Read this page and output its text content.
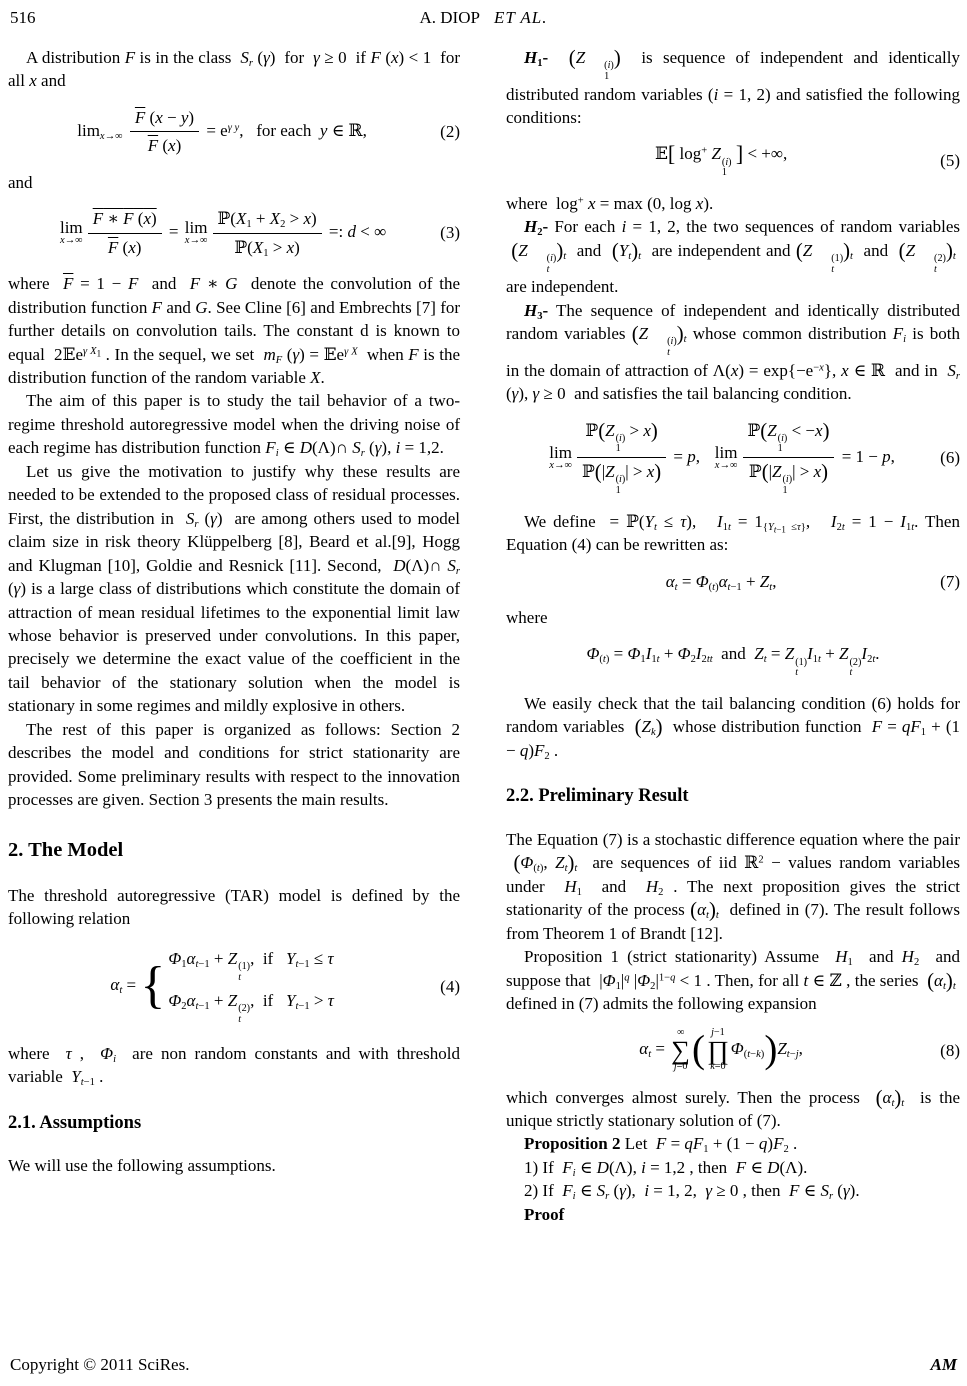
516	A. DIOP ET AL.

A distribution F is in the class  $S_r$ (γ)  for  γ ≥ 0  if F (x) < 1  for all x and

$\lim_{x\to\infty} \frac{\overline{F} (x - y)}{\overline{F} (x)} = e^{\gamma y}$,   for each  y ∈ ℝ,	(2)

and

lim
$x\to\infty \frac{F ∗ F (x)}{\overline{F} (x)} = \lim$
$x\to\infty \frac{ℙ(X_1 + X_2 > x)}{ℙ(X_1 > x)}$ =: d < ∞	(3)

where  $\overline{F} = 1 - F$  and  F ∗ G  denote the convolution of the distribution function F and G. See Cline [6] and Embrechts [7] for further details on convolution tails. The constant d is known to equal  2𝔼e$^{\gamma X_1}$ . In the sequel, we set  $m_F$ (γ) = 𝔼e$^{\gamma X}$  when F is the distribution function of the random variable X.

The aim of this paper is to study the tail behavior of a two-regime threshold autoregressive model when the driving noise of each regime has distribution function $F_i$ ∈ D(Λ)∩ $S_r$ (γ), i = 1,2.

Let us give the motivation to justify why these results are needed to be extended to the proposed class of residual processes. First, the distribution in  $S_r$ (γ)  are among others used to model claim size in risk theory Klüppelberg [8], Beard et al.[9], Hogg and Klugman [10], Goldie and Resnick [11]. Second,  D(Λ)∩ $S_r$ (γ) is a large class of distributions which constitute the domain of attraction of mean residual lifetimes to the exponential limit law whose behavior is preserved under convolutions. In this paper, precisely we determine the exact value of the coefficient in the tail behavior of the stationary solution when the model is stationary in some regimes and mildly explosive in others.

The rest of this paper is organized as follows: Section 2 describes the model and conditions for strict stationarity are provided. Some preliminary results with respect to the innovation processes are given. Section 3 presents the main results.

2. The Model

The threshold autoregressive (TAR) model is defined by the following relation

$\alpha_t$ = { $\Phi_1\alpha_{t-1} + Z$ (1)
t
,  if   $Y_{t-1} \le \tau$
$\Phi_2\alpha_{t-1} + Z$ (2)
t
,  if   $Y_{t-1} > \tau$
(4)

where  τ ,  $\Phi_i$  are non random constants and with threshold variable  $Y_{t-1}$ .

2.1. Assumptions

We will use the following assumptions.

$H_1-$ (Z	(i)
1
)  is sequence of independent and identically distributed random variables (i = 1, 2) and satisfied the following conditions:

𝔼[ log+ Z (i)
1
] < +∞,	(5)

where  log+ x = max (0, log x).

$H_2-$ For each i = 1, 2, the two sequences of random variables  (Z	(i)
t
)$_t$  and  $(Y_t)_t$  are independent and (Z	(1)
t
)$_t$  and  (Z	(2)
t
)$_t$  are independent.

$H_3-$ The sequence of independent and identically distributed random variables (Z	(i)
t
)$_t$ whose common distribution $F_i$ is both in the domain of attraction of $\Lambda(x) = \exp\{-e^{-x}\}$, x ∈ ℝ  and in  $S_r$ (γ), γ ≥ 0  and satisfies the tail balancing condition.

lim
x→∞ ℙ(Z (i)
1
> x)
ℙ(|Z (i)
1
| > x) = p, lim
x→∞ ℙ(Z (i)
1
< −x)
ℙ(|Z (i)
1
| > x) = 1 − p,	(6)

We define  = $ℙ(Y_t \le \tau)$,   $I_{1t} = 1_{\{Y_{t-1} \le\tau\}}$,   $I_{2t} = 1 - I_{1t}$. Then Equation (4) can be rewritten as:

$\alpha_t = \Phi_{(t)}\alpha_{t-1} + Z_t$,	(7)

where

$\Phi_{(t)} = \Phi_1I_{1t} + \Phi_2I_{2tt}$  and  $Z_t = Z$ (1)
t
$I_{1t} + Z$ (2)
t
$I_{2t}$.

We easily check that the tail balancing condition (6) holds for random variables  $(Z_k)$  whose distribution function  $F = qF_1 + (1 - q)F_2$ .

2.2. Preliminary Result

The Equation (7) is a stochastic difference equation where the pair  ($\Phi_{(t)}$, $Z_t)_t$  are sequences of iid ℝ$^2$ − values random variables under  $H_1$  and  $H_2$ . The next proposition gives the strict stationarity of the process $(\alpha_t)_t$  defined in (7). The result follows from Theorem 1 of Brandt [12].

Proposition 1 (strict stationarity) Assume  $H_1$  and $H_2$  and suppose that  $|\Phi_1|^q$ $|\Phi_2|^{1-q} < 1$ . Then, for all t ∈ ℤ , the series  $(\alpha_t)_t$  defined in (7) admits the following expansion

$\alpha_t$ =
∞
∑
j=0 ( j−1
∏
k=0
$\Phi_{(t-k)})Z_{t-j}$,	(8)

which converges almost surely. Then the process  $(\alpha_t)_t$  is the unique strictly stationary solution of (7).

Proposition 2 Let  $F = qF_1 + (1 - q)F_2$ .

1) If  $F_i$ ∈ D(Λ), i = 1,2 , then  F ∈ D(Λ).

2) If  $F_i$ ∈ $S_r$ (γ),  i = 1, 2,  γ ≥ 0 , then  F ∈ $S_r$ (γ).

Proof

Copyright © 2011 SciRes.	AM
